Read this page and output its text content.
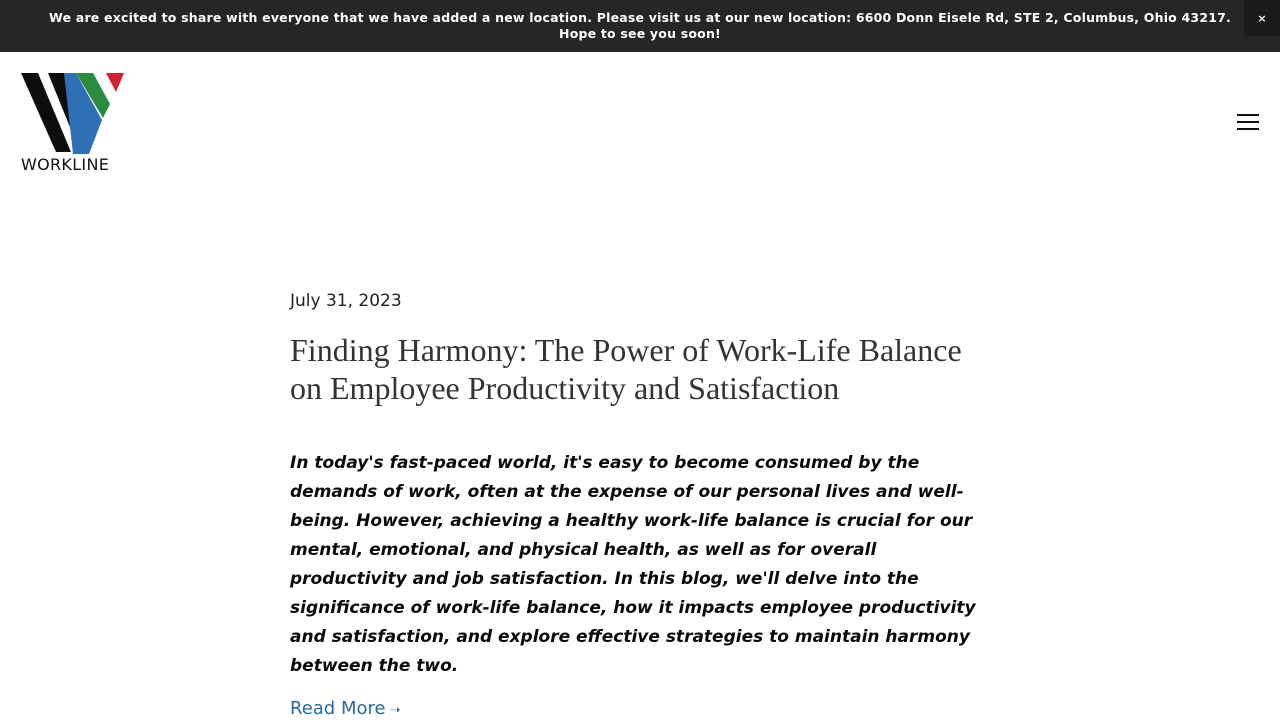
We are excited to share with everyone that we have added a new location. Please visit us at our new location: 6600 Donn Eisele Rd, STE 2, Columbus, Ohio 43217. Hope to see you soon!
×
WORKLINE
July 31, 2023
Finding Harmony: The Power of Work-Life Balance on Employee Productivity and Satisfaction

In today's fast-paced world, it's easy to become consumed by the demands of work, often at the expense of our personal lives and well-being. However, achieving a healthy work-life balance is crucial for our mental, emotional, and physical health, as well as for overall productivity and job satisfaction. In this blog, we'll delve into the significance of work-life balance, how it impacts employee productivity and satisfaction, and explore effective strategies to maintain harmony between the two.

Read More ➝
